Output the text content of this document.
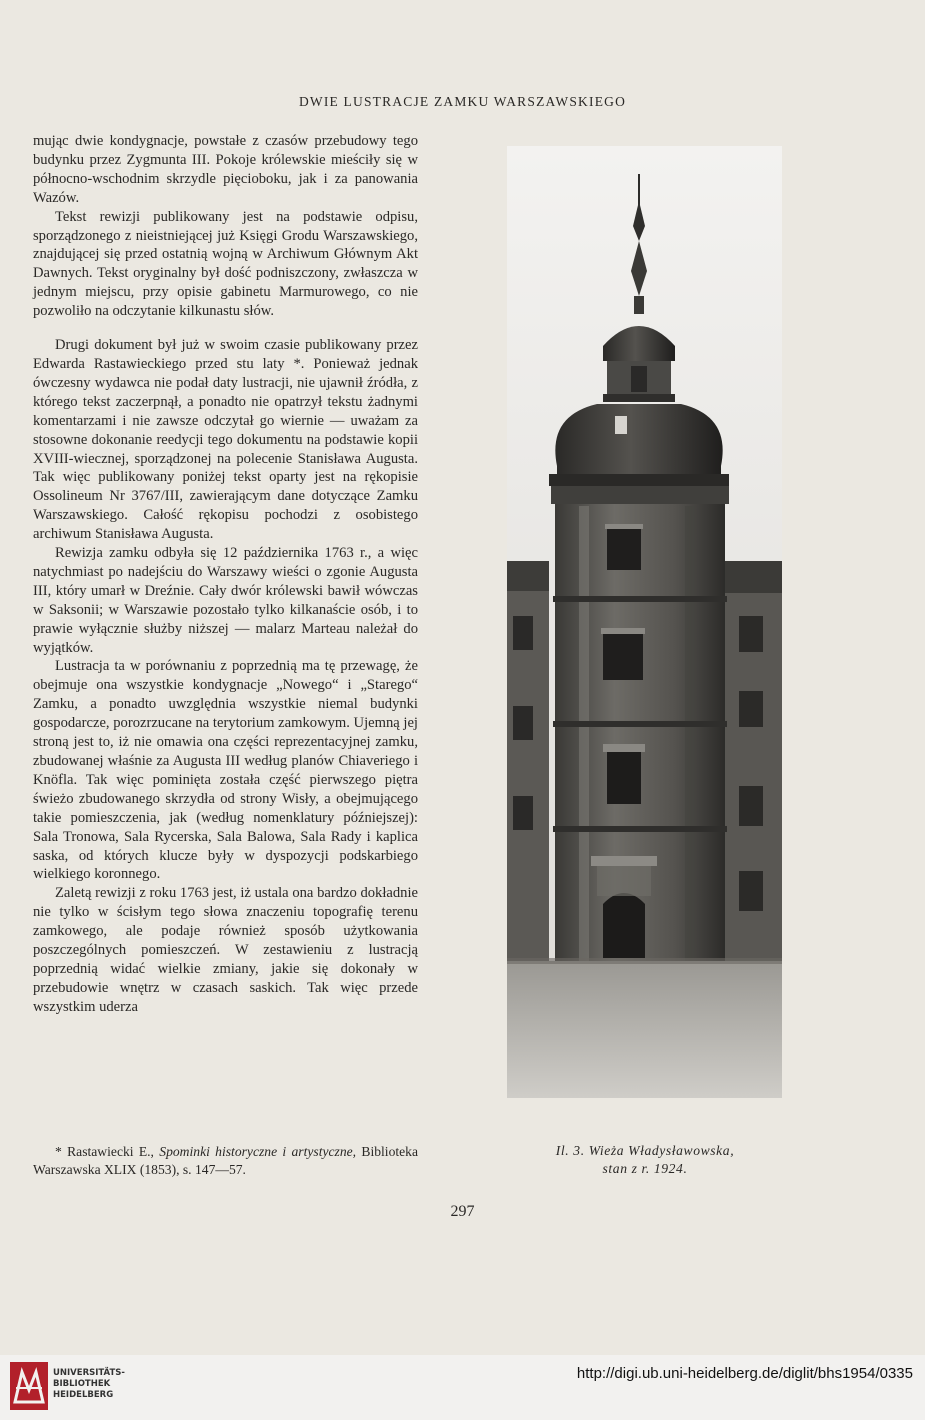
DWIE LUSTRACJE ZAMKU WARSZAWSKIEGO

mując dwie kondygnacje, powstałe z czasów przebudowy tego budynku przez Zygmunta III. Pokoje królewskie mieściły się w północno-wschodnim skrzydle pięcioboku, jak i za panowania Wazów.

Tekst rewizji publikowany jest na podstawie odpisu, sporządzonego z nieistniejącej już Księgi Grodu Warszawskiego, znajdującej się przed ostatnią wojną w Archiwum Głównym Akt Dawnych. Tekst oryginalny był dość podniszczony, zwłaszcza w jednym miejscu, przy opisie gabinetu Marmurowego, co nie pozwoliło na odczytanie kilkunastu słów.

Drugi dokument był już w swoim czasie publikowany przez Edwarda Rastawieckiego przed stu laty *. Ponieważ jednak ówczesny wydawca nie podał daty lustracji, nie ujawnił źródła, z którego tekst zaczerpnął, a ponadto nie opatrzył tekstu żadnymi komentarzami i nie zawsze odczytał go wiernie — uważam za stosowne dokonanie reedycji tego dokumentu na podstawie kopii XVIII-wiecznej, sporządzonej na polecenie Stanisława Augusta. Tak więc publikowany poniżej tekst oparty jest na rękopisie Ossolineum Nr 3767/III, zawierającym dane dotyczące Zamku Warszawskiego. Całość rękopisu pochodzi z osobistego archiwum Stanisława Augusta.

Rewizja zamku odbyła się 12 października 1763 r., a więc natychmiast po nadejściu do Warszawy wieści o zgonie Augusta III, który umarł w Dreźnie. Cały dwór królewski bawił wówczas w Saksonii; w Warszawie pozostało tylko kilkanaście osób, i to prawie wyłącznie służby niższej — malarz Marteau należał do wyjątków.

Lustracja ta w porównaniu z poprzednią ma tę przewagę, że obejmuje ona wszystkie kondygnacje „Nowego“ i „Starego“ Zamku, a ponadto uwzględnia wszystkie niemal budynki gospodarcze, porozrzucane na terytorium zamkowym. Ujemną jej stroną jest to, iż nie omawia ona części reprezentacyjnej zamku, zbudowanej właśnie za Augusta III według planów Chiaveriego i Knöfla. Tak więc pominięta została część pierwszego piętra świeżo zbudowanego skrzydła od strony Wisły, a obejmującego takie pomieszczenia, jak (według nomenklatury późniejszej): Sala Tronowa, Sala Rycerska, Sala Balowa, Sala Rady i kaplica saska, od których klucze były w dyspozycji podskarbiego wielkiego koronnego.

Zaletą rewizji z roku 1763 jest, iż ustala ona bardzo dokładnie nie tylko w ścisłym tego słowa znaczeniu topografię terenu zamkowego, ale podaje również sposób użytkowania poszczególnych pomieszczeń. W zestawieniu z lustracją poprzednią widać wielkie zmiany, jakie się dokonały w przebudowie wnętrz w czasach saskich. Tak więc przede wszystkim uderza

* Rastawiecki E., Spominki historyczne i artystyczne, Biblioteka Warszawska XLIX (1853), s. 147—57.

Il. 3. Wieża Władysławowska,
stan z r. 1924.
297
UNIVERSITÄTS-
BIBLIOTHEK
HEIDELBERG
http://digi.ub.uni-heidelberg.de/diglit/bhs1954/0335
